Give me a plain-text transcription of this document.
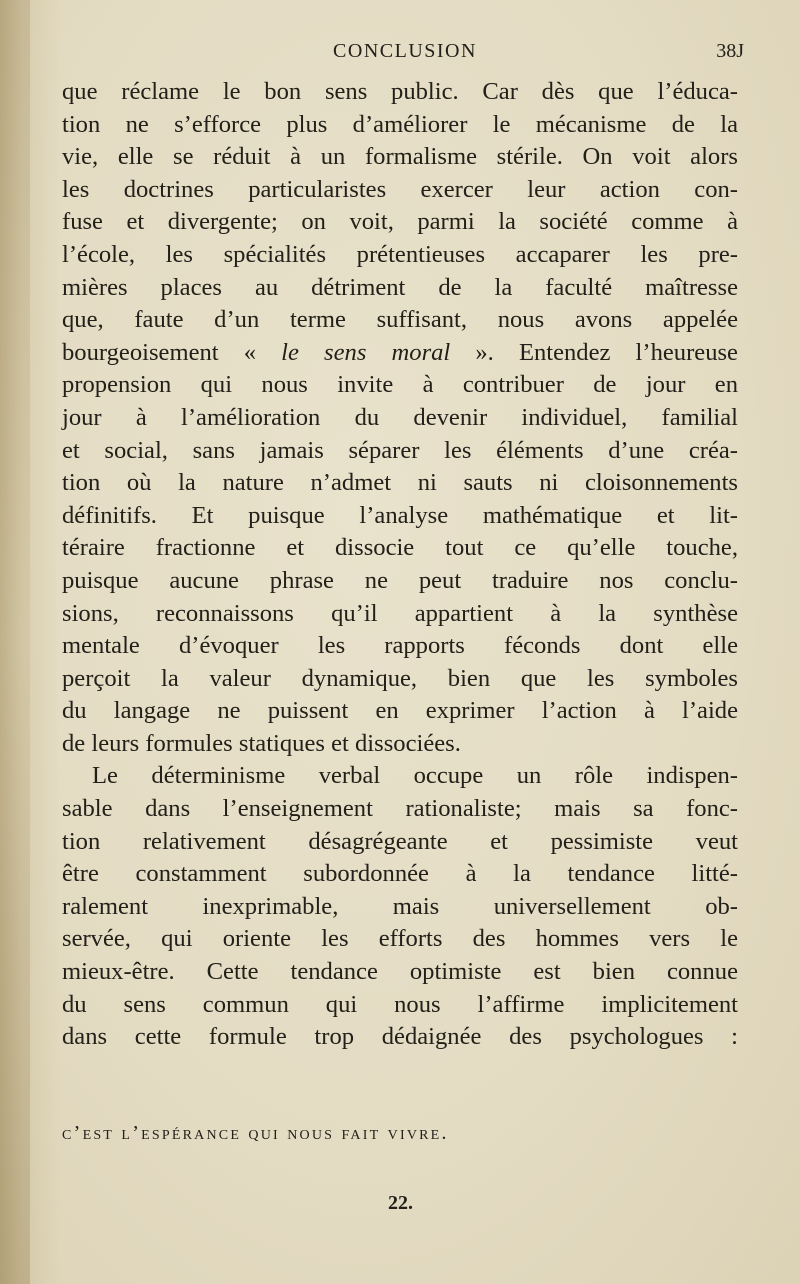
CONCLUSION	38J
que réclame le bon sens public. Car dès que l’éduca-
tion ne s’efforce plus d’améliorer le mécanisme de la
vie, elle se réduit à un formalisme stérile. On voit alors
les doctrines particularistes exercer leur action con-
fuse et divergente; on voit, parmi la société comme à
l’école, les spécialités prétentieuses accaparer les pre-
mières places au détriment de la faculté maîtresse
que, faute d’un terme suffisant, nous avons appelée
bourgeoisement « le sens moral ». Entendez l’heureuse
propension qui nous invite à contribuer de jour en
jour à l’amélioration du devenir individuel, familial
et social, sans jamais séparer les éléments d’une créa-
tion où la nature n’admet ni sauts ni cloisonnements
définitifs. Et puisque l’analyse mathématique et lit-
téraire fractionne et dissocie tout ce qu’elle touche,
puisque aucune phrase ne peut traduire nos conclu-
sions, reconnaissons qu’il appartient à la synthèse
mentale d’évoquer les rapports féconds dont elle
perçoit la valeur dynamique, bien que les symboles
du langage ne puissent en exprimer l’action à l’aide
de leurs formules statiques et dissociées.
Le déterminisme verbal occupe un rôle indispen-
sable dans l’enseignement rationaliste; mais sa fonc-
tion relativement désagrégeante et pessimiste veut
être constamment subordonnée à la tendance litté-
ralement inexprimable, mais universellement ob-
servée, qui oriente les efforts des hommes vers le
mieux-être. Cette tendance optimiste est bien connue
du sens commun qui nous l’affirme implicitement
dans cette formule trop dédaignée des psychologues :
c’est l’espérance qui nous fait vivre.
22.
